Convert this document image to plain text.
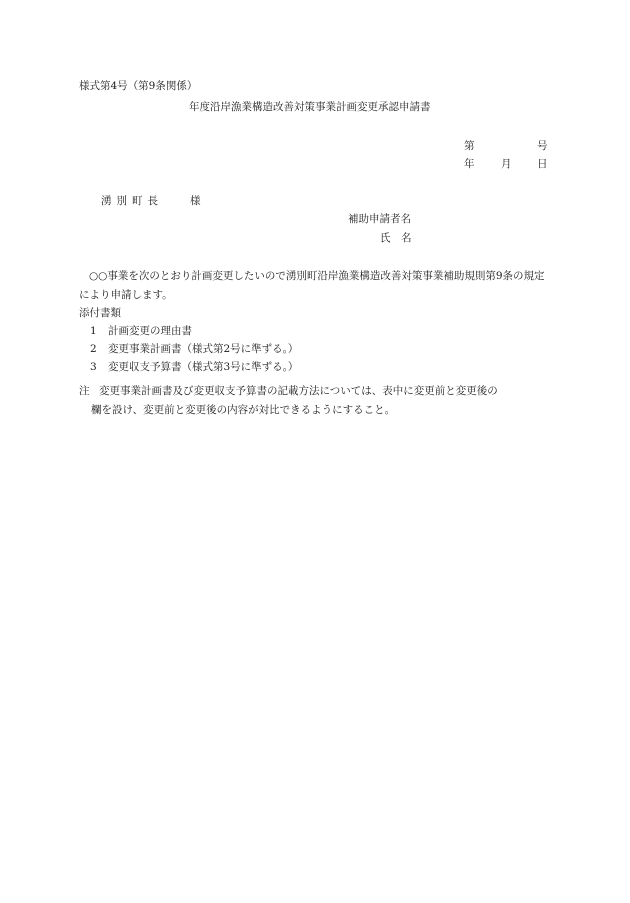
様式第4号（第9条関係）
年度沿岸漁業構造改善対策事業計画変更承認申請書
第	号
年	月 日
湧別町長	様
補助申請者名
氏　名
○○事業を次のとおり計画変更したいので湧別町沿岸漁業構造改善対策事業補助規則第9条の規定により申請します。
添付書類
1 計画変更の理由書
2 変更事業計画書（様式第2号に準ずる。）
3 変更収支予算書（様式第3号に準ずる。）
注 変更事業計画書及び変更収支予算書の記載方法については、表中に変更前と変更後の
欄を設け、変更前と変更後の内容が対比できるようにすること。
